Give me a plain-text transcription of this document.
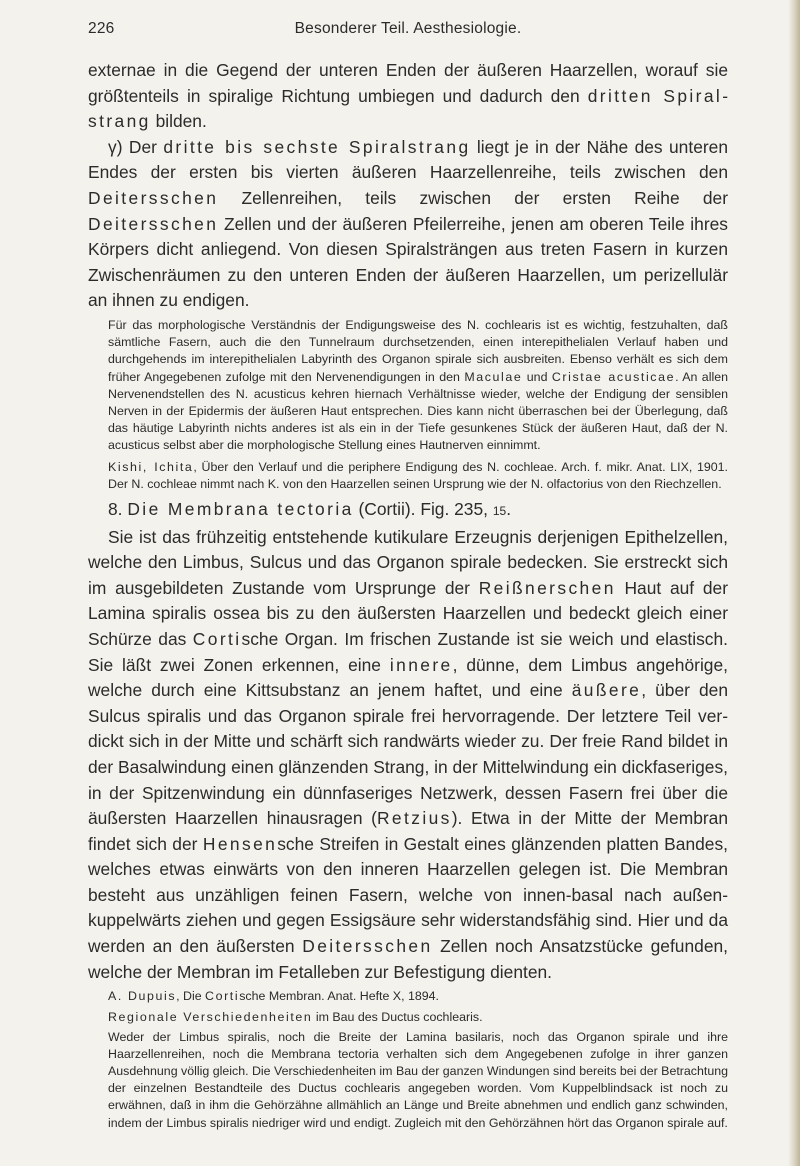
226	Besonderer Teil. Aesthesiologie.

externae in die Gegend der unteren Enden der äußeren Haarzellen, worauf sie größtenteils in spiralige Richtung umbiegen und dadurch den dritten Spiralstrang bilden.

γ) Der dritte bis sechste Spiralstrang liegt je in der Nähe des unteren Endes der ersten bis vierten äußeren Haarzellenreihe, teils zwischen den Deitersschen Zellenreihen, teils zwischen der ersten Reihe der Deitersschen Zellen und der äußeren Pfeilerreihe, jenen am oberen Teile ihres Körpers dicht anliegend. Von diesen Spiralsträngen aus treten Fasern in kurzen Zwischenräumen zu den unteren Enden der äußeren Haarzellen, um perizellulär an ihnen zu endigen.

Für das morphologische Verständnis der Endigungsweise des N. cochlearis ist es wichtig, festzuhalten, daß sämtliche Fasern, auch die den Tunnelraum durchsetzenden, einen interepithelialen Verlauf haben und durchgehends im interepithelialen Labyrinth des Organon spirale sich ausbreiten. Ebenso verhält es sich dem früher Angegebenen zufolge mit den Nervenendigungen in den Maculae und Cristae acusticae. An allen Nervenendstellen des N. acusticus kehren hiernach Verhältnisse wieder, welche der Endigung der sensiblen Nerven in der Epidermis der äußeren Haut entsprechen. Dies kann nicht überraschen bei der Überlegung, daß das häutige Labyrinth nichts anderes ist als ein in der Tiefe gesunkenes Stück der äußeren Haut, daß der N. acusticus selbst aber die morphologische Stellung eines Hautnerven einnimmt.

Kishi, Ichita, Über den Verlauf und die periphere Endigung des N. cochleae. Arch. f. mikr. Anat. LIX, 1901. Der N. cochleae nimmt nach K. von den Haarzellen seinen Ursprung wie der N. olfactorius von den Riechzellen.

8. Die Membrana tectoria (Cortii). Fig. 235, 15.

Sie ist das frühzeitig entstehende kutikulare Erzeugnis derjenigen Epithelzellen, welche den Limbus, Sulcus und das Organon spirale bedecken. Sie erstreckt sich im ausgebildeten Zustande vom Ursprunge der Reißnerschen Haut auf der Lamina spiralis ossea bis zu den äußersten Haarzellen und bedeckt gleich einer Schürze das Cortische Organ. Im frischen Zustande ist sie weich und elastisch. Sie läßt zwei Zonen erkennen, eine innere, dünne, dem Limbus angehörige, welche durch eine Kittsubstanz an jenem haftet, und eine äußere, über den Sulcus spiralis und das Organon spirale frei hervorragende. Der letztere Teil verdickt sich in der Mitte und schärft sich randwärts wieder zu. Der freie Rand bildet in der Basalwindung einen glänzenden Strang, in der Mittelwindung ein dickfaseriges, in der Spitzenwindung ein dünnfaseriges Netzwerk, dessen Fasern frei über die äußersten Haarzellen hinausragen (Retzius). Etwa in der Mitte der Membran findet sich der Hensensche Streifen in Gestalt eines glänzenden platten Bandes, welches etwas einwärts von den inneren Haarzellen gelegen ist. Die Membran besteht aus unzähligen feinen Fasern, welche von innen-basal nach außen-kuppelwärts ziehen und gegen Essigsäure sehr widerstandsfähig sind. Hier und da werden an den äußersten Deitersschen Zellen noch Ansatzstücke gefunden, welche der Membran im Fetalleben zur Befestigung dienten.

A. Dupuis, Die Cortische Membran. Anat. Hefte X, 1894.

Regionale Verschiedenheiten im Bau des Ductus cochlearis.

Weder der Limbus spiralis, noch die Breite der Lamina basilaris, noch das Organon spirale und ihre Haarzellenreihen, noch die Membrana tectoria verhalten sich dem Angegebenen zufolge in ihrer ganzen Ausdehnung völlig gleich. Die Verschiedenheiten im Bau der ganzen Windungen sind bereits bei der Betrachtung der einzelnen Bestandteile des Ductus cochlearis angegeben worden. Vom Kuppelblindsack ist noch zu erwähnen, daß in ihm die Gehörzähne allmählich an Länge und Breite abnehmen und endlich ganz schwinden, indem der Limbus spiralis niedriger wird und endigt. Zugleich mit den Gehörzähnen hört das Organon spirale auf.
